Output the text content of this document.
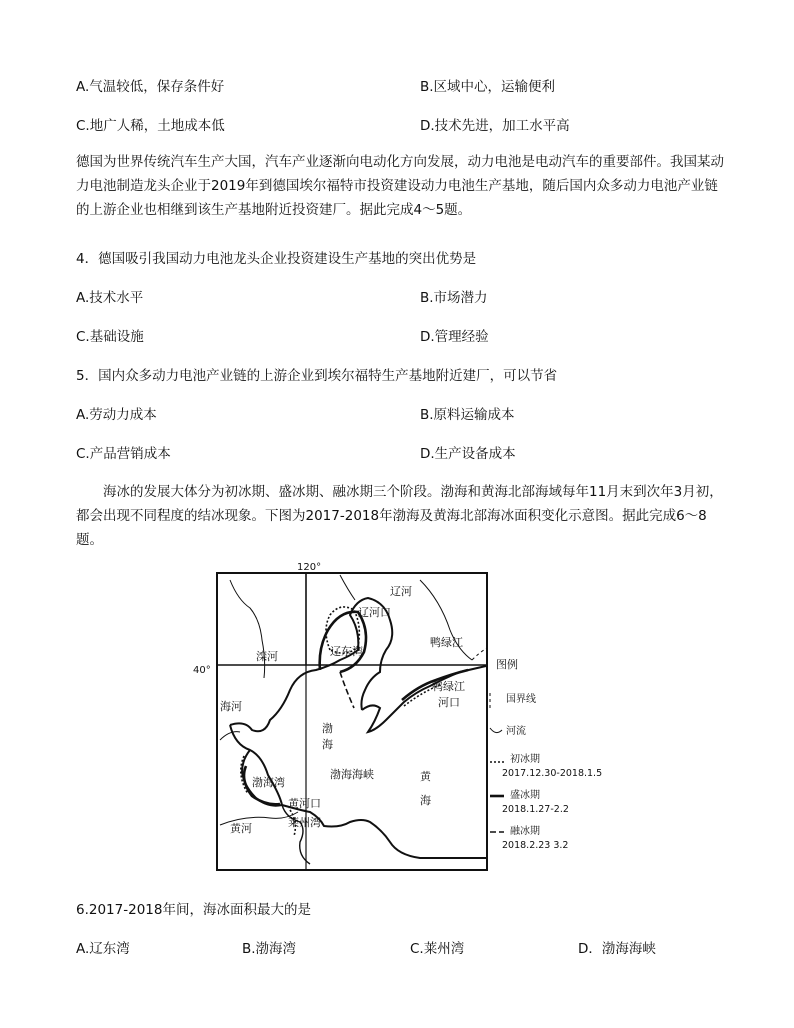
A.气温较低，保存条件好	B.区域中心，运输便利
C.地广人稀，土地成本低	D.技术先进，加工水平高
德国为世界传统汽车生产大国，汽车产业逐渐向电动化方向发展，动力电池是电动汽车的重要部件。我国某动力电池制造龙头企业于2019年到德国埃尔福特市投资建设动力电池生产基地，随后国内众多动力电池产业链的上游企业也相继到该生产基地附近投资建厂。据此完成4～5题。
4．德国吸引我国动力电池龙头企业投资建设生产基地的突出优势是
A.技术水平	B.市场潜力
C.基础设施	D.管理经验
5．国内众多动力电池产业链的上游企业到埃尔福特生产基地附近建厂，可以节省
A.劳动力成本	B.原料运输成本
C.产品营销成本	D.生产设备成本
海冰的发展大体分为初冰期、盛冰期、融冰期三个阶段。渤海和黄海北部海域每年11月末到次年3月初，都会出现不同程度的结冰现象。下图为2017-2018年渤海及黄海北部海冰面积变化示意图。据此完成6～8题。
120°
40°
辽河
辽河口
鸭绿江
鸭绿江
河口
滦河	辽东湾
海河
渤
海
渤海湾
渤海海峡	黄
海
黄河口
莱州湾
黄河
图例
国界线
河流
初冰期
2017.12.30-2018.1.5
盛冰期
2018.1.27-2.2
融冰期
2018.2.23 3.2
6.2017-2018年间，海冰面积最大的是
A.辽东湾	B.渤海湾	C.莱州湾	D．渤海海峡
